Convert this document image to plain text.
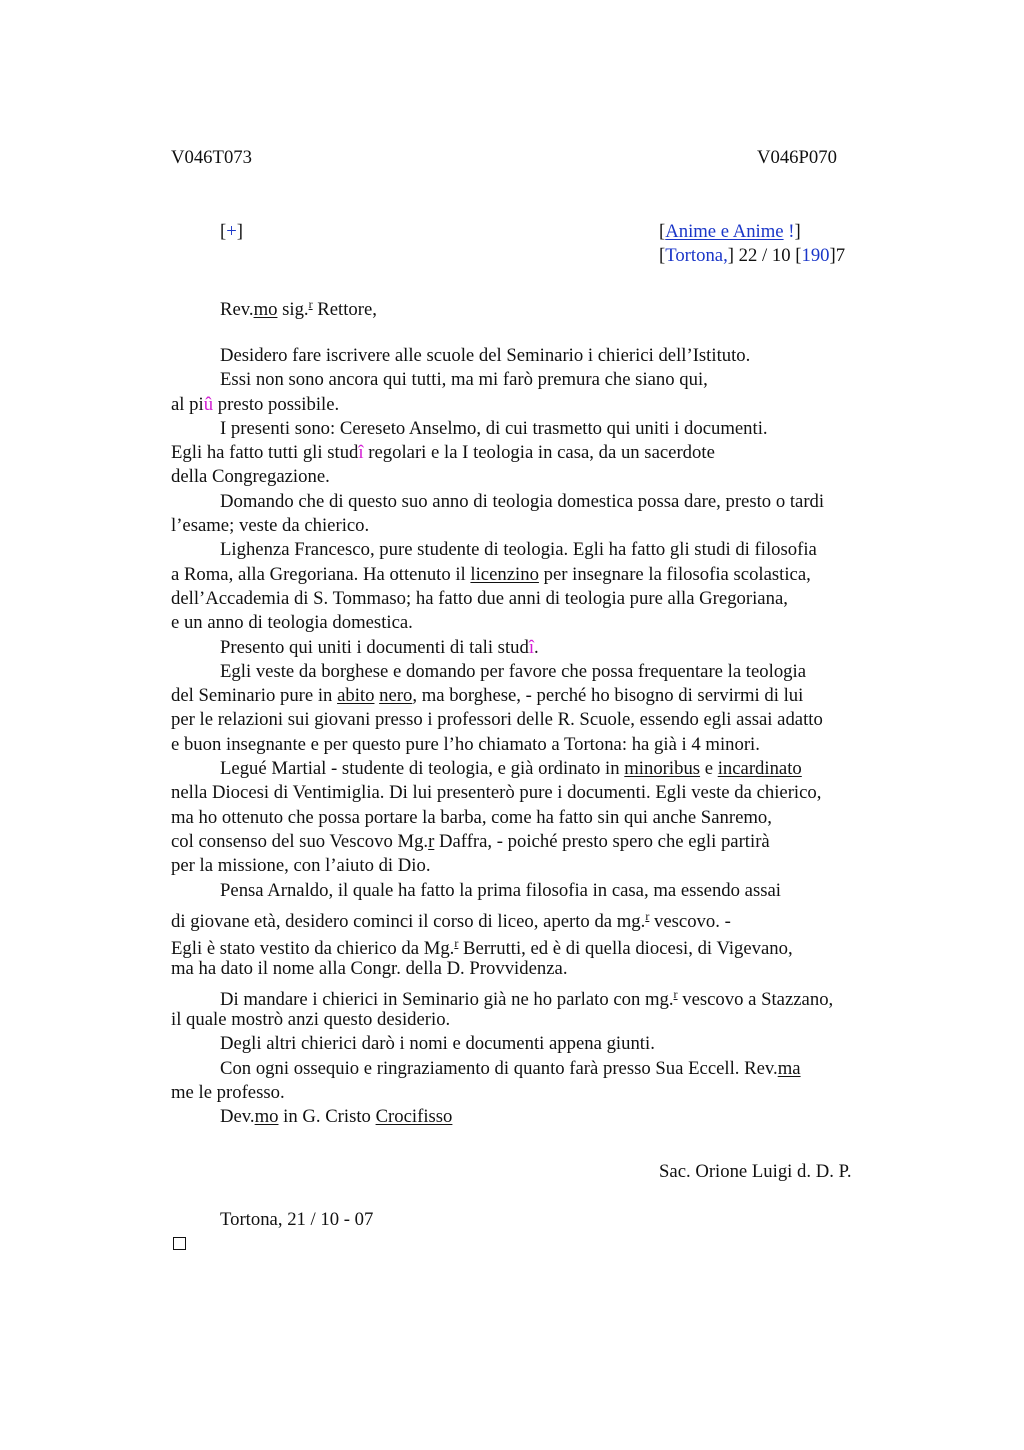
V046T073	V046P070
[+]	[Anime e Anime !]
[Tortona,] 22 / 10 [190]7
Rev.mo sig.$^r$ Rettore,
Desidero fare iscrivere alle scuole del Seminario i chierici dell’Istituto.
Essi non sono ancora qui tutti, ma mi farò premura che siano qui,
al piû presto possibile.
I presenti sono: Cereseto Anselmo, di cui trasmetto qui uniti i documenti.
Egli ha fatto tutti gli studî regolari e la I teologia in casa, da un sacerdote
della Congregazione.
Domando che di questo suo anno di teologia domestica possa dare, presto o tardi
l’esame; veste da chierico.
Lighenza Francesco, pure studente di teologia. Egli ha fatto gli studi di filosofia
a Roma, alla Gregoriana. Ha ottenuto il licenzino per insegnare la filosofia scolastica,
dell’Accademia di S. Tommaso; ha fatto due anni di teologia pure alla Gregoriana,
e un anno di teologia domestica.
Presento qui uniti i documenti di tali studî.
Egli veste da borghese e domando per favore che possa frequentare la teologia
del Seminario pure in abito nero, ma borghese, - perché ho bisogno di servirmi di lui
per le relazioni sui giovani presso i professori delle R. Scuole, essendo egli assai adatto
e buon insegnante e per questo pure l’ho chiamato a Tortona: ha già i 4 minori.
Legué Martial - studente di teologia, e già ordinato in minoribus e incardinato
nella Diocesi di Ventimiglia. Di lui presenterò pure i documenti. Egli veste da chierico,
ma ho ottenuto che possa portare la barba, come ha fatto sin qui anche Sanremo,
col consenso del suo Vescovo Mg.r Daffra, - poiché presto spero che egli partirà
per la missione, con l’aiuto di Dio.
Pensa Arnaldo, il quale ha fatto la prima filosofia in casa, ma essendo assai
di giovane età, desidero cominci il corso di liceo, aperto da mg.$^r$ vescovo. -
Egli è stato vestito da chierico da Mg.$^r$ Berrutti, ed è di quella diocesi, di Vigevano,
ma ha dato il nome alla Congr. della D. Provvidenza.
Di mandare i chierici in Seminario già ne ho parlato con mg.$^r$ vescovo a Stazzano,
il quale mostrò anzi questo desiderio.
Degli altri chierici darò i nomi e documenti appena giunti.
Con ogni ossequio e ringraziamento di quanto farà presso Sua Eccell. Rev.ma
me le professo.
Dev.mo in G. Cristo Crocifisso
Sac. Orione Luigi d. D. P.
Tortona, 21 / 10 - 07
